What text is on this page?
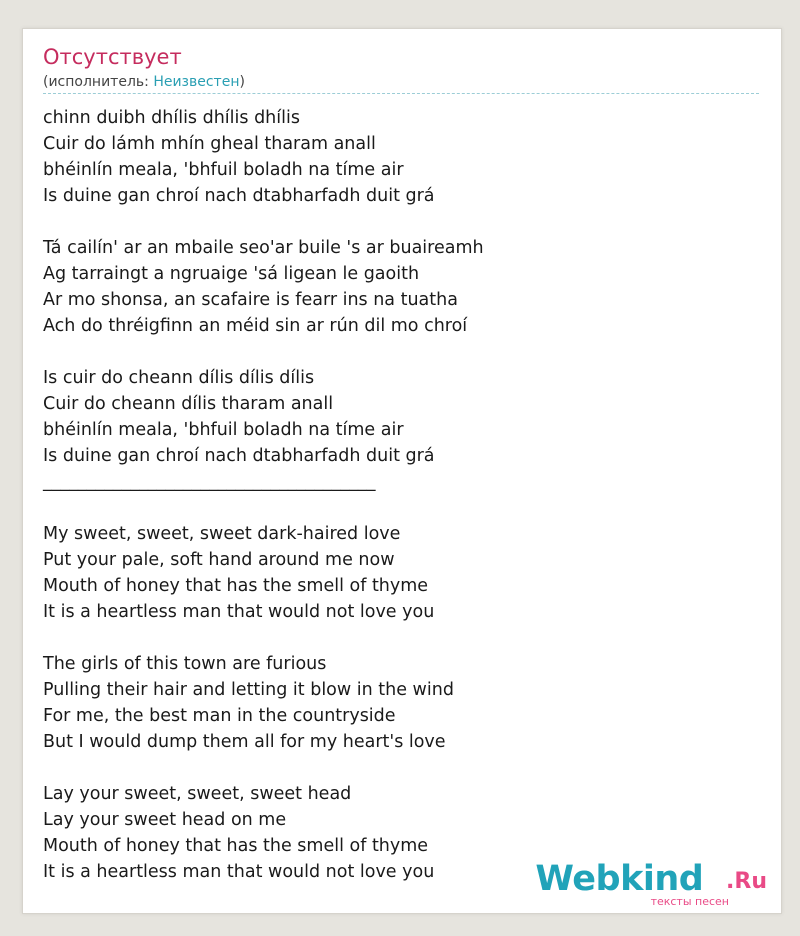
Отсутствует
(исполнитель: Неизвестен)
chinn duibh dhílis dhílis dhílis
Cuir do lámh mhín gheal tharam anall
bhéinlín meala, 'bhfuil boladh na tíme air
Is duine gan chroí nach dtabharfadh duit grá
Tá cailín' ar an mbaile seo'ar buile 's ar buaireamh
Ag tarraingt a ngruaige 'sá ligean le gaoith
Ar mo shonsa, an scafaire is fearr ins na tuatha
Ach do thréigfinn an méid sin ar rún dil mo chroí
Is cuir do cheann dílis dílis dílis
Cuir do cheann dílis tharam anall
bhéinlín meala, 'bhfuil boladh na tíme air
Is duine gan chroí nach dtabharfadh duit grá
______________________________________
My sweet, sweet, sweet dark-haired love
Put your pale, soft hand around me now
Mouth of honey that has the smell of thyme
It is a heartless man that would not love you
The girls of this town are furious
Pulling their hair and letting it blow in the wind
For me, the best man in the countryside
But I would dump them all for my heart's love
Lay your sweet, sweet, sweet head
Lay your sweet head on me
Mouth of honey that has the smell of thyme
It is a heartless man that would not love you	Webkind	.Ru
тексты песен
